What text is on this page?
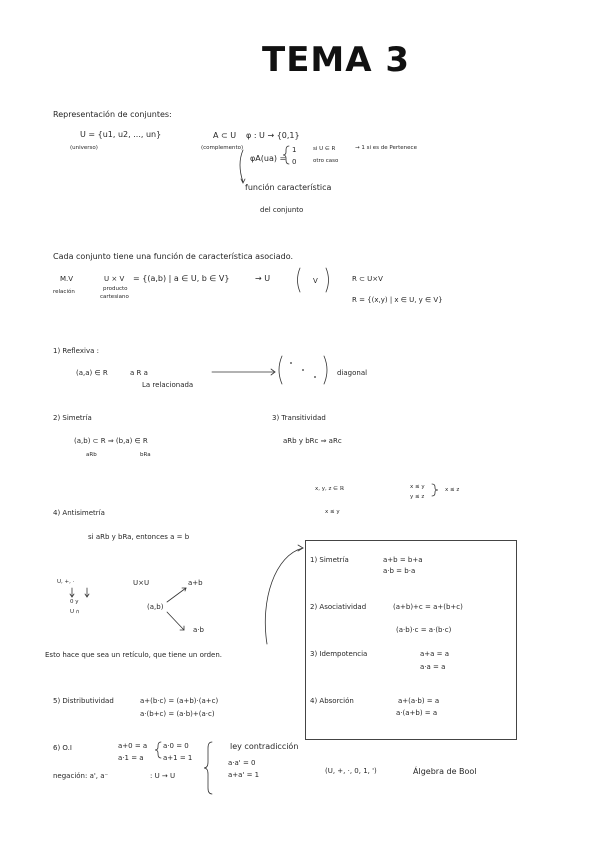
TEMA 3
Representación de conjuntes:
U = {u1, u2, ..., un}
(universo)
A ⊂ U φ : U → {0,1}
(complemento)
φA(ua) =
1
0
si U ∈ R	→ 1 si es de Pertenece
otro caso
función característica
del conjunto
Cada conjunto tiene una función de característica asociado.
M.V
relación
U × V
producto
cartesiano
= {(a,b) | a ∈ U, b ∈ V}	→ U	V	R ⊂ U×V
R = {(x,y) | x ∈ U, y ∈ V}
1) Reflexiva :
(a,a) ∈ R	a R a
La relacionada
diagonal
2) Simetría
(a,b) ⊂ R ⇒ (b,a) ∈ R
aRb	bRa
3) Transitividad
aRb y bRc ⇒ aRc
x, y, z ∈ ℝ	x ≤ y
y ≤ z
x ≤ z
x ≤ y
4) Antisimetría
si aRb y bRa, entonces a = b
U, +, ·
0 y
U ∩
U×U
(a,b)
a+b
a·b
Esto hace que sea un retículo, que tiene un orden.
1) Simetría	a+b = b+a
a·b = b·a
2) Asociatividad	(a+b)+c = a+(b+c)
(a·b)·c = a·(b·c)
3) Idempotencia	a+a = a
a·a = a
4) Absorción	a+(a·b) = a
a·(a+b) = a
5) Distributividad	a+(b·c) = (a+b)·(a+c)
a·(b+c) = (a·b)+(a·c)
6) O.I	a+0 = a
a·1 = a
a·0 = 0
a+1 = 1
negación: a', a⁻	: U → U
ley contradicción
a·a' = 0
a+a' = 1	(U, +, ·, 0, 1, ')	Álgebra de Bool
